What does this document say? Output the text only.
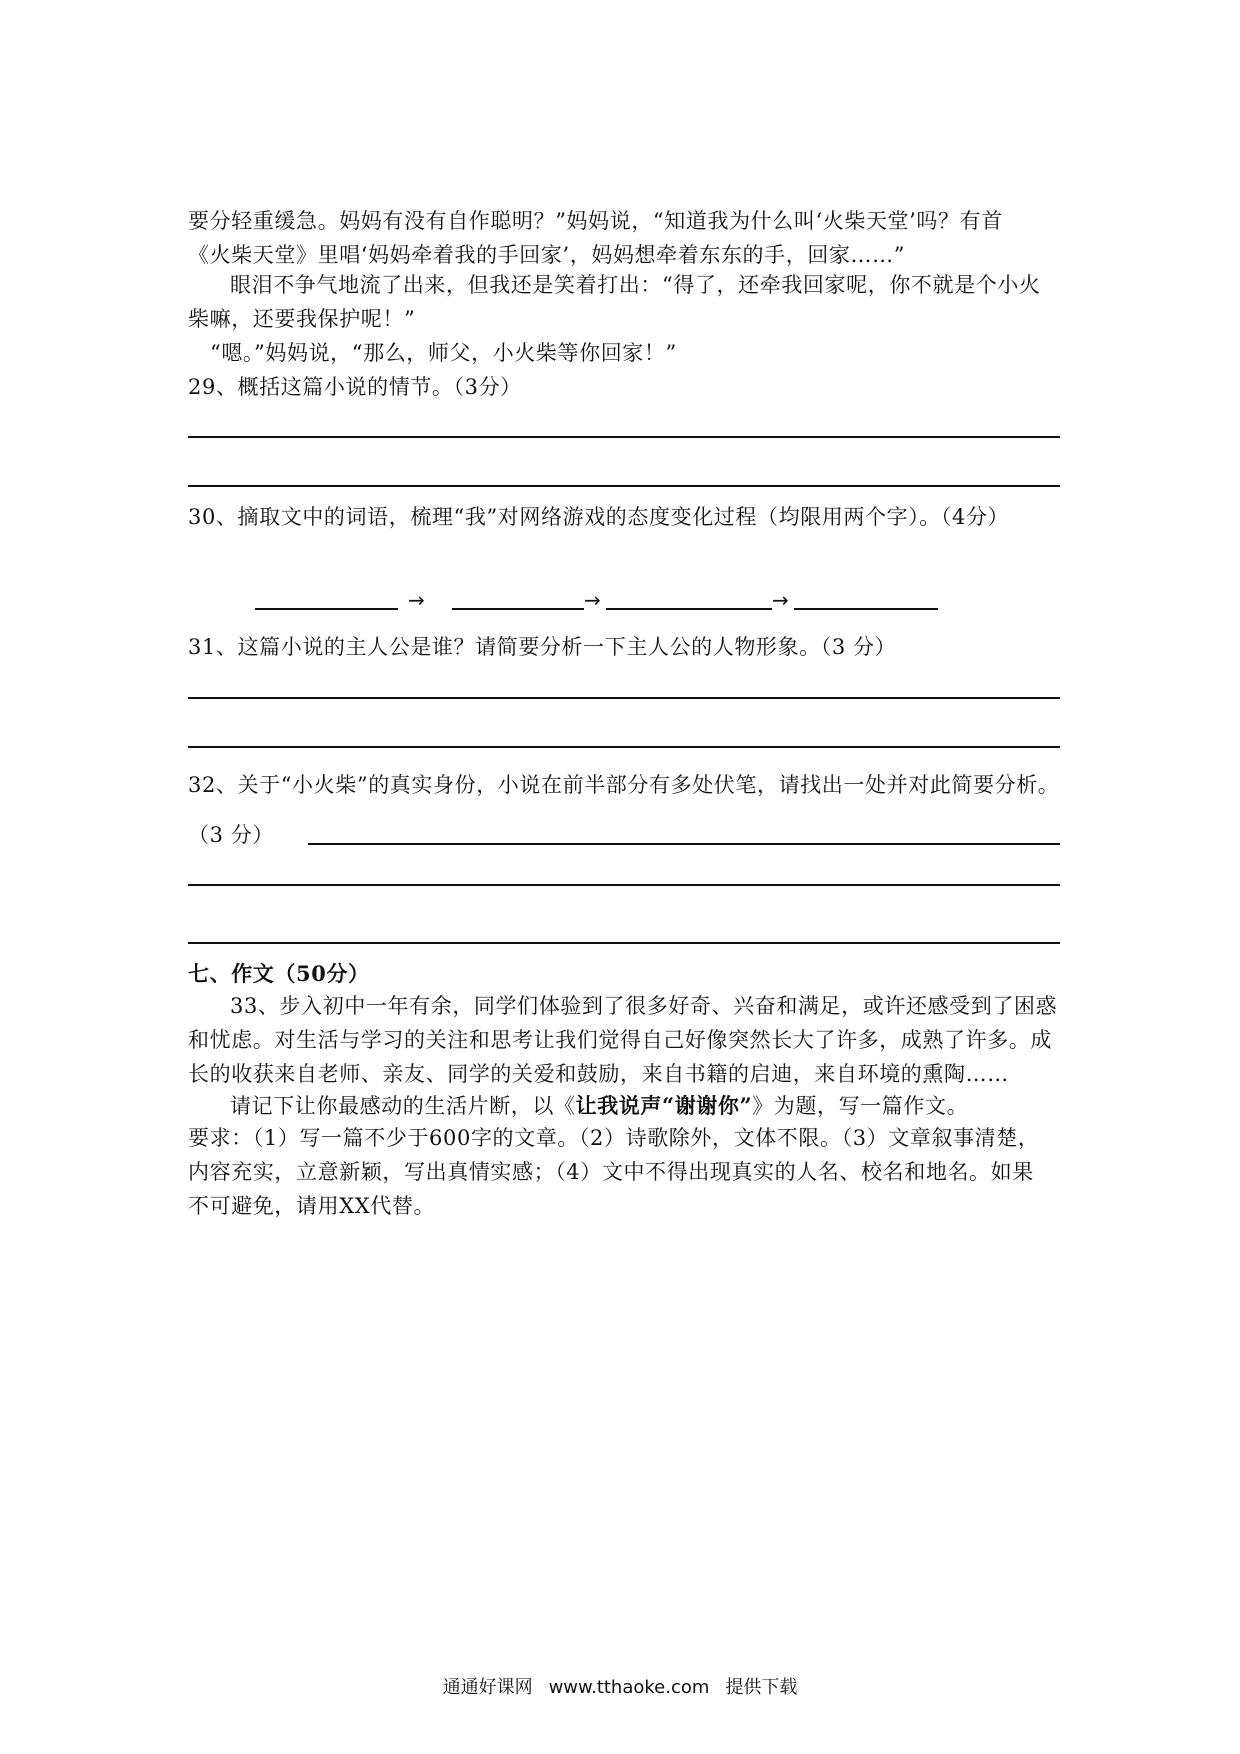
要分轻重缓急。妈妈有没有自作聪明？”妈妈说，“知道我为什么叫‘火柴天堂’吗？有首
《火柴天堂》里唱‘妈妈牵着我的手回家’，妈妈想牵着东东的手，回家……”
眼泪不争气地流了出来，但我还是笑着打出：“得了，还牵我回家呢，你不就是个小火
柴嘛，还要我保护呢！”
“嗯。”妈妈说，“那么，师父，小火柴等你回家！”
29、概括这篇小说的情节。（3分）
30、摘取文中的词语，梳理“我”对网络游戏的态度变化过程（均限用两个字）。（4分）
→	→	→
31、这篇小说的主人公是谁？请简要分析一下主人公的人物形象。（3 分）
32、关于“小火柴”的真实身份，小说在前半部分有多处伏笔，请找出一处并对此简要分析。
（3 分）
七、作文（50分）
33、步入初中一年有余，同学们体验到了很多好奇、兴奋和满足，或许还感受到了困惑
和忧虑。对生活与学习的关注和思考让我们觉得自己好像突然长大了许多，成熟了许多。成
长的收获来自老师、亲友、同学的关爱和鼓励，来自书籍的启迪，来自环境的熏陶……
请记下让你最感动的生活片断，以《让我说声“谢谢你”》为题，写一篇作文。
要求：（1）写一篇不少于600字的文章。（2）诗歌除外，文体不限。（3）文章叙事清楚，
内容充实，立意新颖，写出真情实感；（4）文中不得出现真实的人名、校名和地名。如果
不可避免，请用XX代替。
通通好课网 www.tthaoke.com 提供下载
